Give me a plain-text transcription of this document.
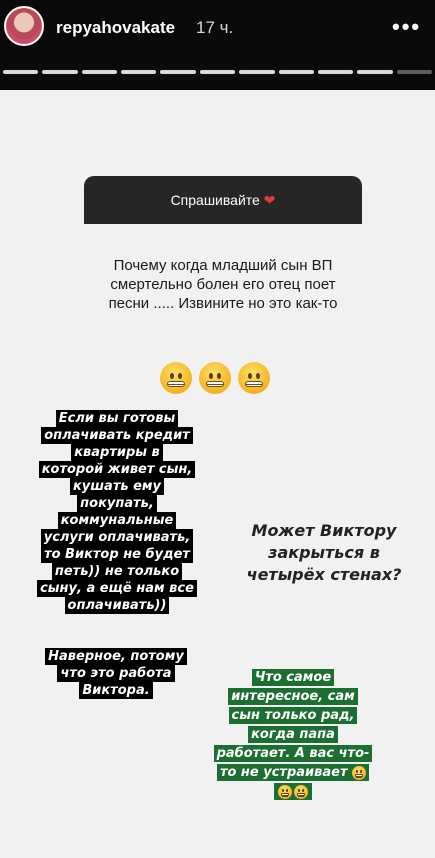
repyahovakate 17 ч.	•••
Спрашивайте ❤
Почему когда младший сын ВП смертельно болен его отец поет песни ..... Извините но это как-то
Если вы готовы
оплачивать кредит
квартиры в
которой живет сын,
кушать ему
покупать,
коммунальные
услуги оплачивать,
то Виктор не будет
петь)) не только
сыну, а ещё нам все
оплачивать))

Наверное, потому
что это работа
Виктора.

Может Виктору
закрыться в
четырёх стенах?
Что самое
интересное, сам
сын только рад,
когда папа
работает. А вас что-
то не устраивает
